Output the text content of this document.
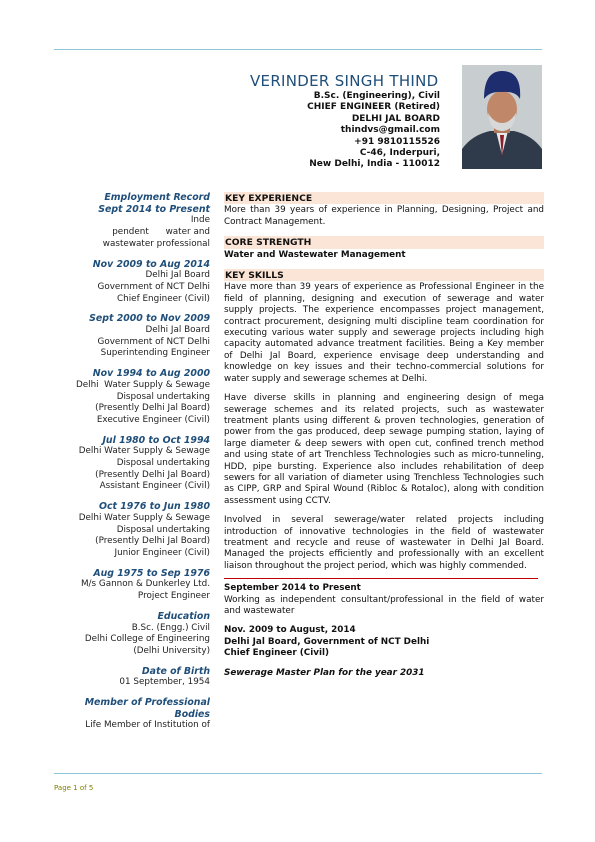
VERINDER SINGH THIND
B.Sc. (Engineering), Civil
CHIEF ENGINEER (Retired)
DELHI JAL BOARD
thindvs@gmail.com
+91 9810115526
C-46, Inderpuri,
New Delhi, India - 110012
Employment Record
Sept 2014 to Present
Inde
pendent      water and
wastewater professional
Nov 2009 to Aug 2014
Delhi Jal Board
Government of NCT Delhi
Chief Engineer (Civil)
Sept 2000 to Nov 2009
Delhi Jal Board
Government of NCT Delhi
Superintending Engineer
Nov 1994 to Aug 2000
Delhi  Water Supply & Sewage
Disposal undertaking
(Presently Delhi Jal Board)
Executive Engineer (Civil)
Jul 1980 to Oct 1994
Delhi Water Supply & Sewage
Disposal undertaking
(Presently Delhi Jal Board)
Assistant Engineer (Civil)
Oct 1976 to Jun 1980
Delhi Water Supply & Sewage
Disposal undertaking
(Presently Delhi Jal Board)
Junior Engineer (Civil)
Aug 1975 to Sep 1976
M/s Gannon & Dunkerley Ltd.
Project Engineer
Education
B.Sc. (Engg.) Civil
Delhi College of Engineering
(Delhi University)
Date of Birth
01 September, 1954
Member of Professional
Bodies
Life Member of Institution of
KEY EXPERIENCE
More than 39 years of experience in Planning, Designing, Project and Contract Management.
CORE STRENGTH
Water and Wastewater Management
KEY SKILLS
Have more than 39 years of experience as Professional Engineer in the field of planning, designing and execution of sewerage and water supply projects. The experience encompasses project management, contract procurement, designing multi discipline team coordination for executing various water supply and sewerage projects including high capacity automated advance treatment facilities. Being a Key member of Delhi Jal Board, experience envisage deep understanding and knowledge on key issues and their techno-commercial solutions for water supply and sewerage schemes at Delhi.
Have diverse skills in planning and engineering design of mega sewerage schemes and its related projects, such as wastewater treatment plants using different & proven technologies, generation of power from the gas produced, deep sewage pumping station, laying of large diameter & deep sewers with open cut, confined trench method and using state of art Trenchless Technologies such as micro-tunneling, HDD, pipe bursting. Experience also includes rehabilitation of deep sewers for all variation of diameter using Trenchless Technologies such as CIPP, GRP and Spiral Wound (Ribloc & Rotaloc), along with condition assessment using CCTV.
Involved in several sewerage/water related projects including introduction of innovative technologies in the field of wastewater treatment and recycle and reuse of wastewater in Delhi Jal Board. Managed the projects efficiently and professionally with an excellent liaison throughout the project period, which was highly commended.
September 2014 to Present
Working as independent consultant/professional in the field of water and wastewater
Nov. 2009 to August, 2014
Delhi Jal Board, Government of NCT Delhi
Chief Engineer (Civil)
Sewerage Master Plan for the year 2031
Page 1 of 5
